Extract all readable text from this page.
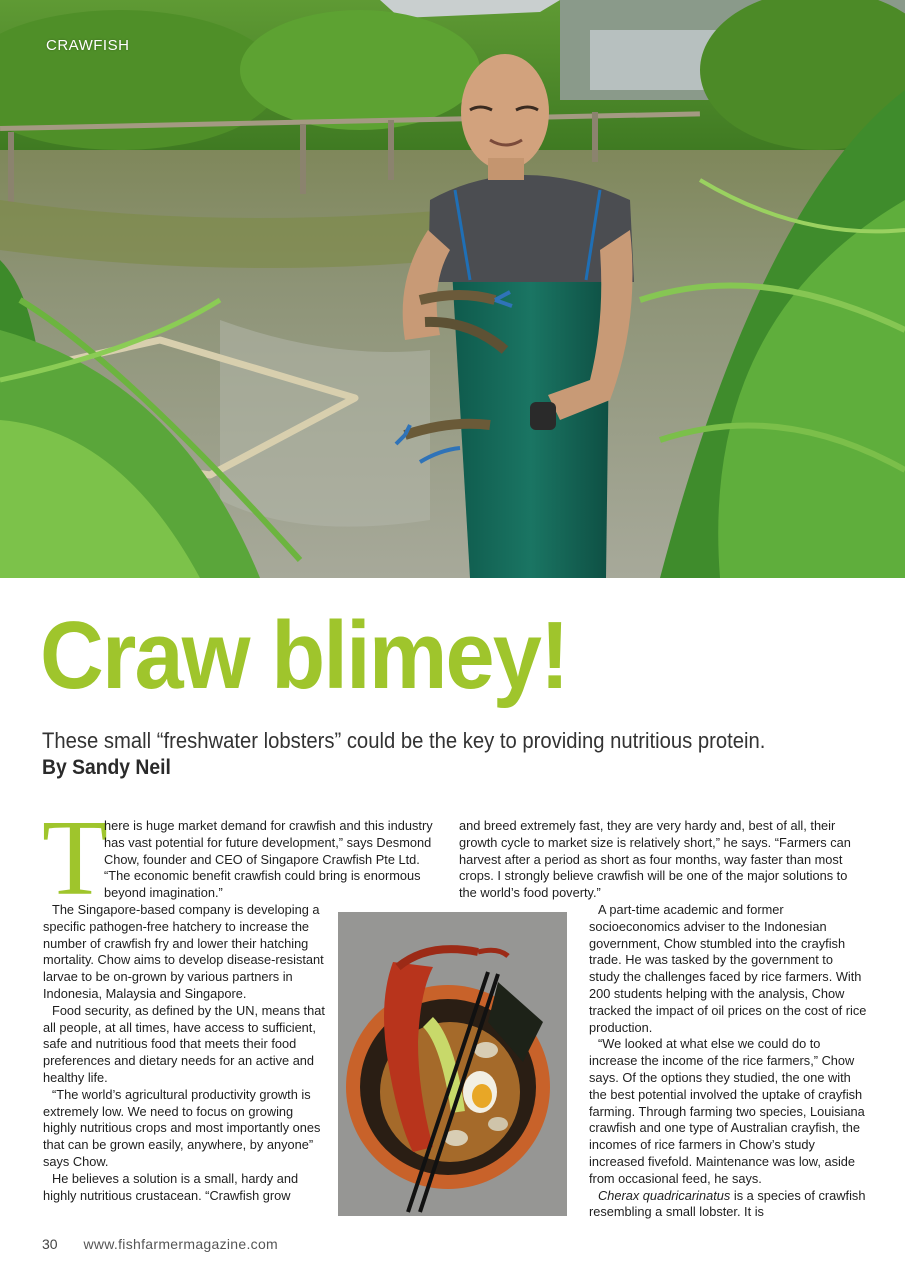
CRAWFISH
Craw blimey!

These small “freshwater lobsters” could be the key to providing nutritious protein.

By Sandy Neil

T

here is huge market demand for crawfish and this industry has vast potential for future development,” says Desmond Chow, founder and CEO of Singapore Crawfish Pte Ltd. “The economic benefit crawfish could bring is enormous beyond imagination.”

The Singapore-based company is developing a specific pathogen-free hatchery to increase the number of crawfish fry and lower their hatching mortality. Chow aims to develop disease-resistant larvae to be on-grown by various partners in Indonesia, Malaysia and Singapore.

Food security, as defined by the UN, means that all people, at all times, have access to sufficient, safe and nutritious food that meets their food preferences and dietary needs for an active and healthy life.

“The world’s agricultural productivity growth is extremely low. We need to focus on growing highly nutritious crops and most importantly ones that can be grown easily, anywhere, by anyone” says Chow.

He believes a solution is a small, hardy and highly nutritious crustacean. “Crawfish grow

and breed extremely fast, they are very hardy and, best of all, their growth cycle to market size is relatively short,” he says. “Farmers can harvest after a period as short as four months, way faster than most crops. I strongly believe crawfish will be one of the major solutions to the world’s food poverty.”

A part-time academic and former socioeconomics adviser to the Indonesian government, Chow stumbled into the crayfish trade. He was tasked by the government to study the challenges faced by rice farmers. With 200 students helping with the analysis, Chow tracked the impact of oil prices on the cost of rice production.

“We looked at what else we could do to increase the income of the rice farmers,” Chow says. Of the options they studied, the one with the best potential involved the uptake of crayfish farming. Through farming two species, Louisiana crawfish and one type of Australian crayfish, the incomes of rice farmers in Chow’s study increased fivefold. Maintenance was low, aside from occasional feed, he says.

Cherax quadricarinatus is a species of crawfish resembling a small lobster. It is

30 www.fishfarmermagazine.com
